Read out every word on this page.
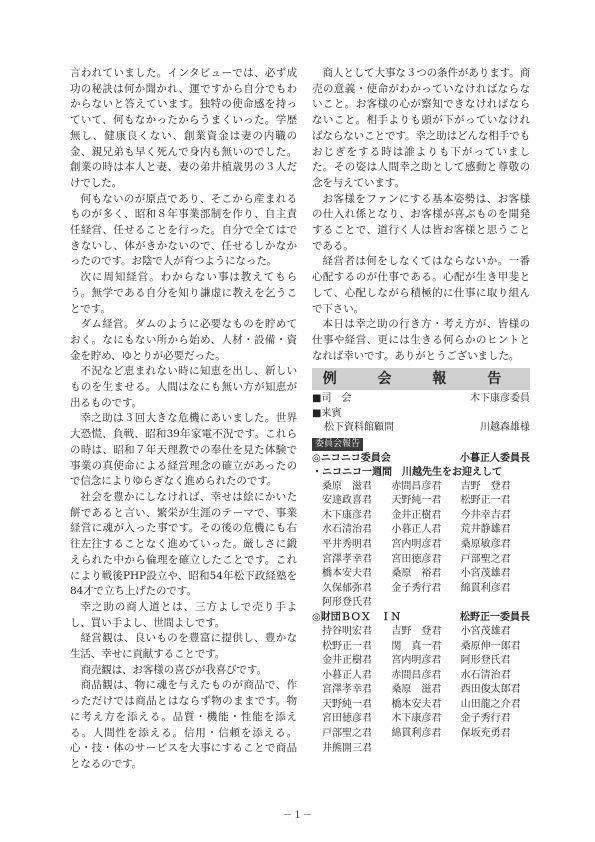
言われていました。インタビューでは、必ず成功の秘訣は何か聞かれ、運ですから自分でもわからないと答えています。独特の使命感を持っていて、何もなかったからうまくいった。学歴無し、健康良くない、創業資金は妻の内職の金、親兄弟も早く死んで身内も無いのでした。創業の時は本人と妻、妻の弟井植歳男の３人だけでした。

何もないのが原点であり、そこから産まれるものが多く、昭和８年事業部制を作り、自主責任経営、任せることを行った。自分で全てはできないし、体がきかないので、任せるしかなかったのです。お陰で人が育つようになった。

次に周知経営。わからない事は教えてもらう。無学である自分を知り謙虚に教えを乞うことです。

ダム経営。ダムのように必要なものを貯めておく。なにもない所から始め、人材・設備・資金を貯め、ゆとりが必要だった。

不況など恵まれない時に知恵を出し、新しいものを生ませる。人間はなにも無い方が知恵が出るものです。

幸之助は３回大きな危機にあいました。世界大恐慌、負戦、昭和39年家電不況です。これらの時は、昭和７年天理教での奉仕を見た体験で事業の真使命による経営理念の確立があったので信念によりゆらぎなく進められたのです。

社会を豊かにしなければ、幸せは絵にかいた餅であると言い、繁栄が生涯のテーマで、事業経営に魂が入った事です。その後の危機にも右往左往することなく進めていった。厳しさに鍛えられた中から倫理を確立したことです。これにより戦後PHP設立や、昭和54年松下政経塾を84才で立ち上げたのです。

幸之助の商人道とは、三方よしで売り手よし、買い手よし、世間よしです。

経営観は、良いものを豊富に提供し、豊かな生活、幸せに貢献することです。

商売観は、お客様の喜びが我喜びです。

商品観は、物に魂を与えたものが商品で、作っただけでは商品とはならず物のままです。物に考え方を添える。品質・機能・性能を添える。人間性を添える。信用・信頼を添える。心・技・体のサービスを大事にすることで商品となるのです。

商人として大事な３つの条件があります。商売の意義・使命がわかっていなければならないこと。お客様の心が察知できなければならないこと。相手よりも頭が下がっていなければならないことです。幸之助はどんな相手でもおじぎをする時は誰よりも下がっていました。その姿は人間幸之助として感動と尊敬の念を与えています。

お客様をファンにする基本姿勢は、お客様の仕入れ係となり、お客様が喜ぶものを開発することで、道行く人は皆お客様と思うことである。

経営者は何をしなくてはならないか。一番心配するのが仕事である。心配が生き甲斐として、心配しながら積極的に仕事に取り組んで下さい。

本日は幸之助の行き方・考え方が、皆様の仕事や経営、更には生きる何らかのヒントとなれば幸いです。ありがとうございました。

例 会 報 告
■司　会	木下康彦委員
■来賓
松下資料館顧問	川越森雄様
委員会報告
◎ニコニコ委員会	小暮正人委員長
・ニコニコ一週間　川越先生をお迎えして
桑原　滋君	赤間昌彦君	吉野　登君
安達政喜君	天野純一君	松野正一君
木下康彦君	金井正樹君	今井幸吉君
水石清治君	小暮正人君	荒井静雄君
平井秀明君	宮内明彦君	桑原敏彦君
宮澤孝幸君	宮田徳彦君	戸部聖之君
橋本安夫君	桑原　裕君	小宮茂雄君
久保郁弥君	金子秀行君	綿貫利彦君
阿形登氏君
◎財団ＢＯＸ　ＩＮ	松野正一委員長
持谷明宏君	吉野　登君	小宮茂雄君
松野正一君	関　真一君	桑原伸一郎君
金井正樹君	宮内明彦君	阿形登氏君
小暮正人君	赤間昌彦君	水石清治君
宮澤孝幸君	桑原　滋君	西田俊太郎君
天野純一君	橋本安夫君	山田龍之介君
宮田徳彦君	木下康彦君	金子秀行君
戸部聖之君	綿貫利彦君	保坂充勇君
井熊開三君
－１－
